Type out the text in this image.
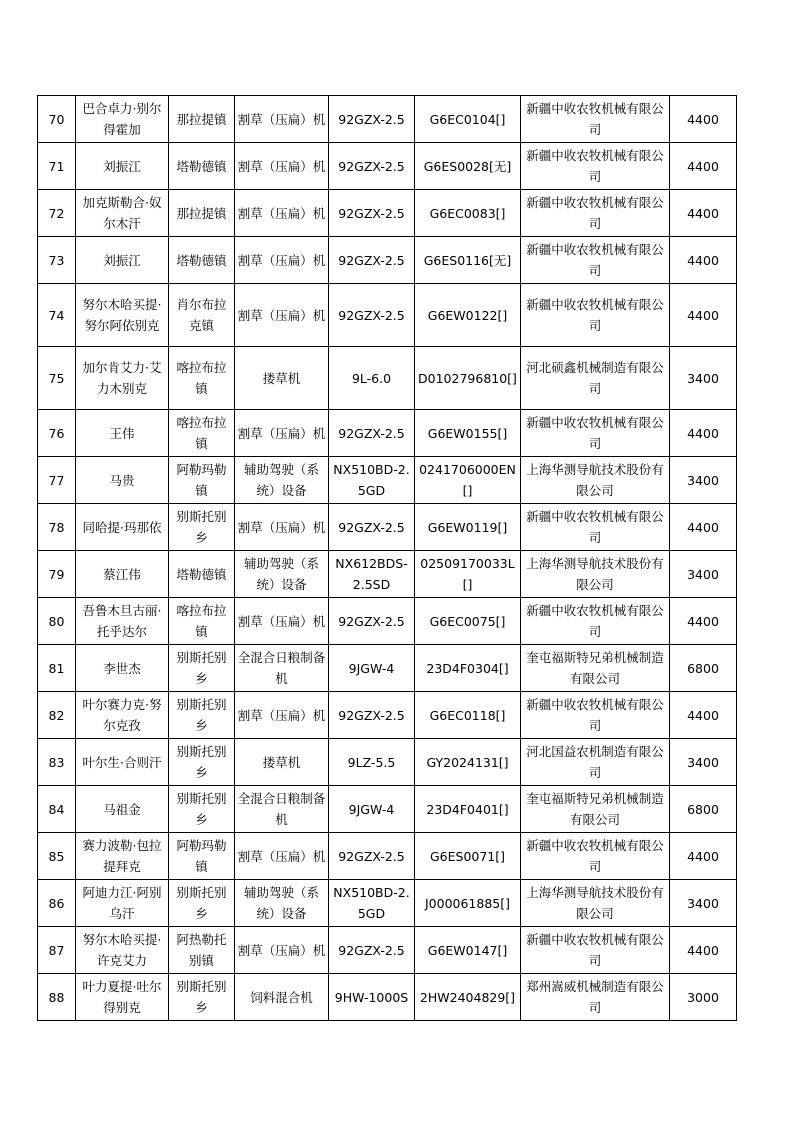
70	巴合卓力·别尔得霍加	那拉提镇	割草（压扁）机	92GZX-2.5	G6EC0104[]	新疆中收农牧机械有限公司	4400
71	刘振江	塔勒德镇	割草（压扁）机	92GZX-2.5	G6ES0028[无]	新疆中收农牧机械有限公司	4400
72	加克斯勒合·奴尔木汗	那拉提镇	割草（压扁）机	92GZX-2.5	G6EC0083[]	新疆中收农牧机械有限公司	4400
73	刘振江	塔勒德镇	割草（压扁）机	92GZX-2.5	G6ES0116[无]	新疆中收农牧机械有限公司	4400
74	努尔木哈买提·努尔阿依别克	肖尔布拉克镇	割草（压扁）机	92GZX-2.5	G6EW0122[]	新疆中收农牧机械有限公司	4400
75	加尔肯艾力·艾力木别克	喀拉布拉镇	搂草机	9L-6.0	D0102796810[]	河北硕鑫机械制造有限公司	3400
76	王伟	喀拉布拉镇	割草（压扁）机	92GZX-2.5	G6EW0155[]	新疆中收农牧机械有限公司	4400
77	马贵	阿勒玛勒镇	辅助驾驶（系统）设备	NX510BD-2.5GD	0241706000EN[]	上海华测导航技术股份有限公司	3400
78	同哈提·玛那依	别斯托别乡	割草（压扁）机	92GZX-2.5	G6EW0119[]	新疆中收农牧机械有限公司	4400
79	蔡江伟	塔勒德镇	辅助驾驶（系统）设备	NX612BDS-2.5SD	02509170033L[]	上海华测导航技术股份有限公司	3400
80	吾鲁木旦古丽·托乎达尔	喀拉布拉镇	割草（压扁）机	92GZX-2.5	G6EC0075[]	新疆中收农牧机械有限公司	4400
81	李世杰	别斯托别乡	全混合日粮制备机	9JGW-4	23D4F0304[]	奎屯福斯特兄弟机械制造有限公司	6800
82	叶尔赛力克·努尔克孜	别斯托别乡	割草（压扁）机	92GZX-2.5	G6EC0118[]	新疆中收农牧机械有限公司	4400
83	叶尔生·合则汗	别斯托别乡	搂草机	9LZ-5.5	GY2024131[]	河北国益农机制造有限公司	3400
84	马祖金	别斯托别乡	全混合日粮制备机	9JGW-4	23D4F0401[]	奎屯福斯特兄弟机械制造有限公司	6800
85	赛力波勒·包拉提拜克	阿勒玛勒镇	割草（压扁）机	92GZX-2.5	G6ES0071[]	新疆中收农牧机械有限公司	4400
86	阿迪力江·阿别乌汗	别斯托别乡	辅助驾驶（系统）设备	NX510BD-2.5GD	J000061885[]	上海华测导航技术股份有限公司	3400
87	努尔木哈买提·许克艾力	阿热勒托别镇	割草（压扁）机	92GZX-2.5	G6EW0147[]	新疆中收农牧机械有限公司	4400
88	叶力夏提·吐尔得别克	别斯托别乡	饲料混合机	9HW-1000S	2HW2404829[]	郑州嵩威机械制造有限公司	3000
